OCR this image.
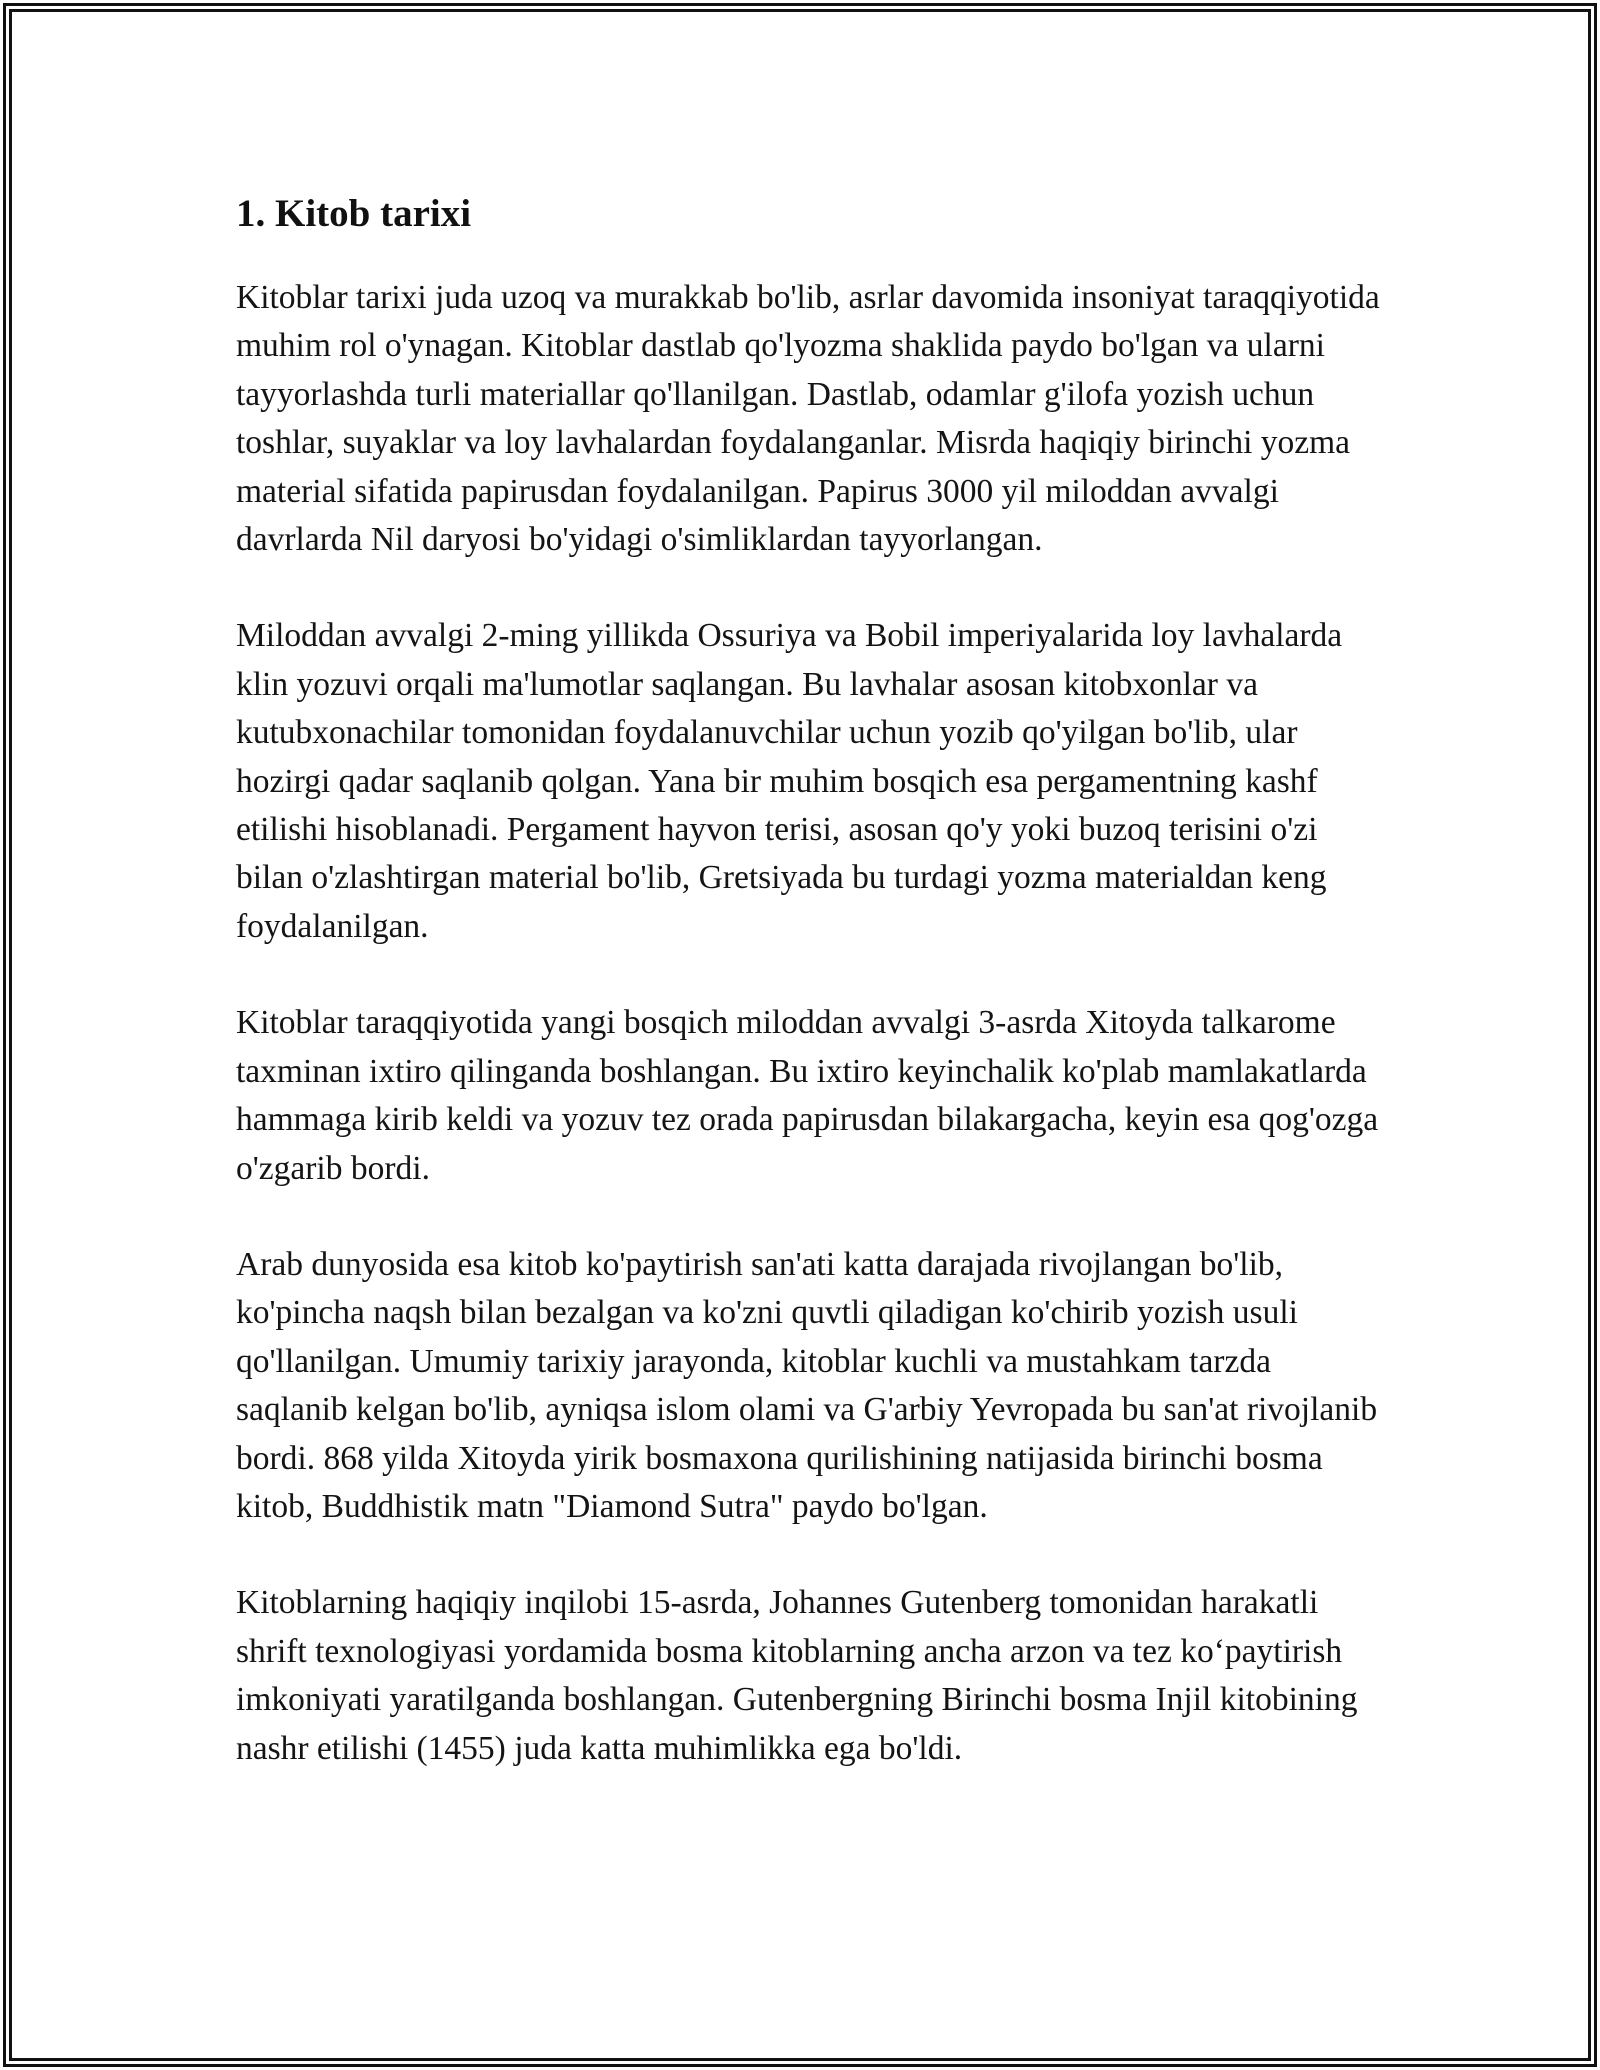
1. Kitob tarixi

Kitoblar tarixi juda uzoq va murakkab bo'lib, asrlar davomida insoniyat taraqqiyotida muhim rol o'ynagan. Kitoblar dastlab qo'lyozma shaklida paydo bo'lgan va ularni tayyorlashda turli materiallar qo'llanilgan. Dastlab, odamlar g'ilofa yozish uchun toshlar, suyaklar va loy lavhalardan foydalanganlar. Misrda haqiqiy birinchi yozma material sifatida papirusdan foydalanilgan. Papirus 3000 yil miloddan avvalgi davrlarda Nil daryosi bo'yidagi o'simliklardan tayyorlangan.

Miloddan avvalgi 2-ming yillikda Ossuriya va Bobil imperiyalarida loy lavhalarda klin yozuvi orqali ma'lumotlar saqlangan. Bu lavhalar asosan kitobxonlar va kutubxonachilar tomonidan foydalanuvchilar uchun yozib qo'yilgan bo'lib, ular hozirgi qadar saqlanib qolgan. Yana bir muhim bosqich esa pergamentning kashf etilishi hisoblanadi. Pergament hayvon terisi, asosan qo'y yoki buzoq terisini o'zi bilan o'zlashtirgan material bo'lib, Gretsiyada bu turdagi yozma materialdan keng foydalanilgan.

Kitoblar taraqqiyotida yangi bosqich miloddan avvalgi 3-asrda Xitoyda talkarome taxminan ixtiro qilinganda boshlangan. Bu ixtiro keyinchalik ko'plab mamlakatlarda hammaga kirib keldi va yozuv tez orada papirusdan bilakargacha, keyin esa qog'ozga o'zgarib bordi.

Arab dunyosida esa kitob ko'paytirish san'ati katta darajada rivojlangan bo'lib, ko'pincha naqsh bilan bezalgan va ko'zni quvtli qiladigan ko'chirib yozish usuli qo'llanilgan. Umumiy tarixiy jarayonda, kitoblar kuchli va mustahkam tarzda saqlanib kelgan bo'lib, ayniqsa islom olami va G'arbiy Yevropada bu san'at rivojlanib bordi. 868 yilda Xitoyda yirik bosmaxona qurilishining natijasida birinchi bosma kitob, Buddhistik matn "Diamond Sutra" paydo bo'lgan.

Kitoblarning haqiqiy inqilobi 15-asrda, Johannes Gutenberg tomonidan harakatli shrift texnologiyasi yordamida bosma kitoblarning ancha arzon va tez ko‘paytirish imkoniyati yaratilganda boshlangan. Gutenbergning Birinchi bosma Injil kitobining nashr etilishi (1455) juda katta muhimlikka ega bo'ldi.
